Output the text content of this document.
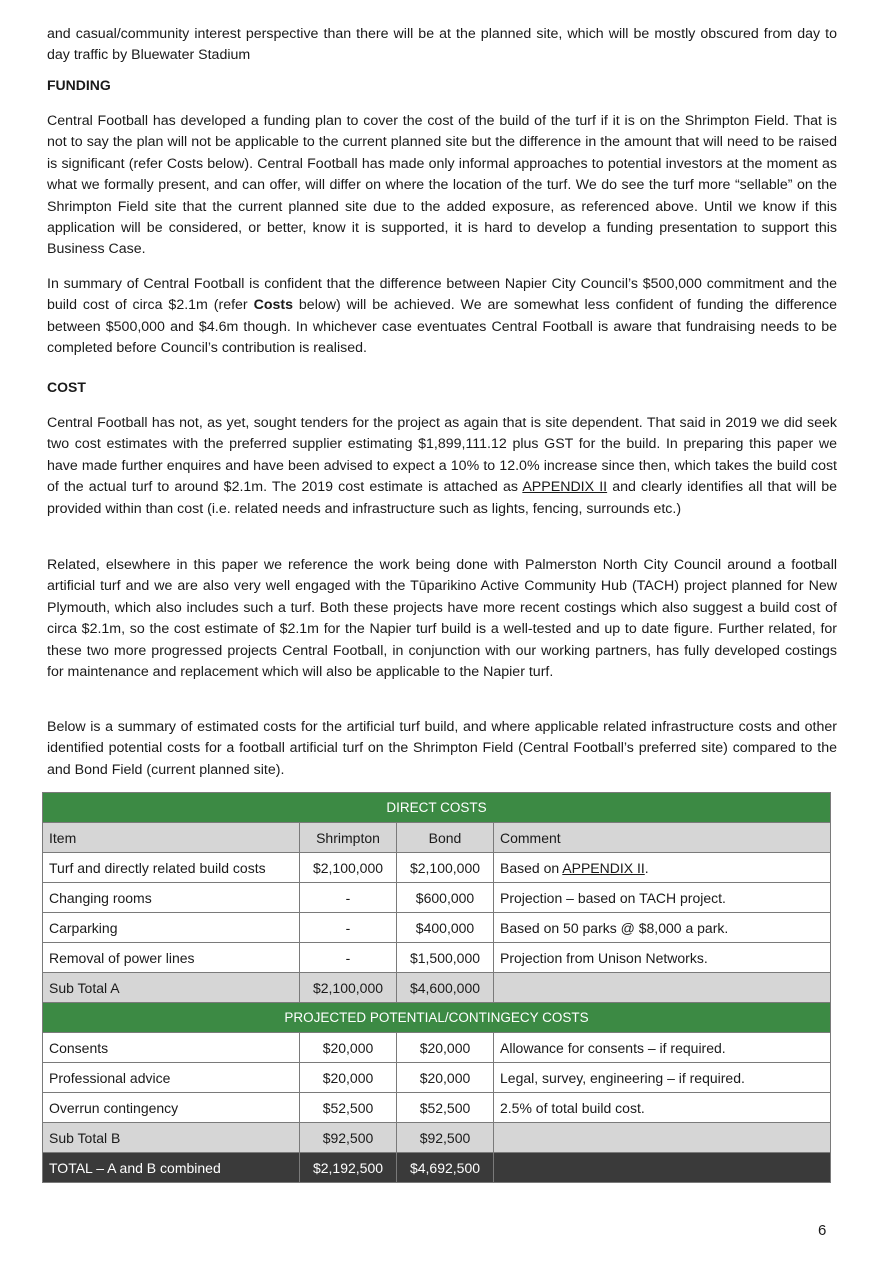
and casual/community interest perspective than there will be at the planned site, which will be mostly obscured from day to day traffic by Bluewater Stadium

FUNDING

Central Football has developed a funding plan to cover the cost of the build of the turf if it is on the Shrimpton Field. That is not to say the plan will not be applicable to the current planned site but the difference in the amount that will need to be raised is significant (refer Costs below). Central Football has made only informal approaches to potential investors at the moment as what we formally present, and can offer, will differ on where the location of the turf. We do see the turf more “sellable” on the Shrimpton Field site that the current planned site due to the added exposure, as referenced above. Until we know if this application will be considered, or better, know it is supported, it is hard to develop a funding presentation to support this Business Case.

In summary of Central Football is confident that the difference between Napier City Council’s $500,000 commitment and the build cost of circa $2.1m (refer Costs below) will be achieved. We are somewhat less confident of funding the difference between $500,000 and $4.6m though. In whichever case eventuates Central Football is aware that fundraising needs to be completed before Council’s contribution is realised.

COST

Central Football has not, as yet, sought tenders for the project as again that is site dependent. That said in 2019 we did seek two cost estimates with the preferred supplier estimating $1,899,111.12 plus GST for the build. In preparing this paper we have made further enquires and have been advised to expect a 10% to 12.0% increase since then, which takes the build cost of the actual turf to around $2.1m. The 2019 cost estimate is attached as APPENDIX II and clearly identifies all that will be provided within than cost (i.e. related needs and infrastructure such as lights, fencing, surrounds etc.)

Related, elsewhere in this paper we reference the work being done with Palmerston North City Council around a football artificial turf and we are also very well engaged with the Tūparikino Active Community Hub (TACH) project planned for New Plymouth, which also includes such a turf. Both these projects have more recent costings which also suggest a build cost of circa $2.1m, so the cost estimate of $2.1m for the Napier turf build is a well-tested and up to date figure. Further related, for these two more progressed projects Central Football, in conjunction with our working partners, has fully developed costings for maintenance and replacement which will also be applicable to the Napier turf.

Below is a summary of estimated costs for the artificial turf build, and where applicable related infrastructure costs and other identified potential costs for a football artificial turf on the Shrimpton Field (Central Football’s preferred site) compared to the and Bond Field (current planned site).

DIRECT COSTS			
Item	Shrimpton	Bond	Comment
Turf and directly related build costs	$2,100,000	$2,100,000	Based on APPENDIX II.
Changing rooms	-	$600,000	Projection – based on TACH project.
Carparking	-	$400,000	Based on 50 parks @ $8,000 a park.
Removal of power lines	-	$1,500,000	Projection from Unison Networks.
Sub Total A	$2,100,000	$4,600,000	
PROJECTED POTENTIAL/CONTINGECY COSTS			
Consents	$20,000	$20,000	Allowance for consents – if required.
Professional advice	$20,000	$20,000	Legal, survey, engineering – if required.
Overrun contingency	$52,500	$52,500	2.5% of total build cost.
Sub Total B	$92,500	$92,500	
TOTAL – A and B combined	$2,192,500	$4,692,500	
6
